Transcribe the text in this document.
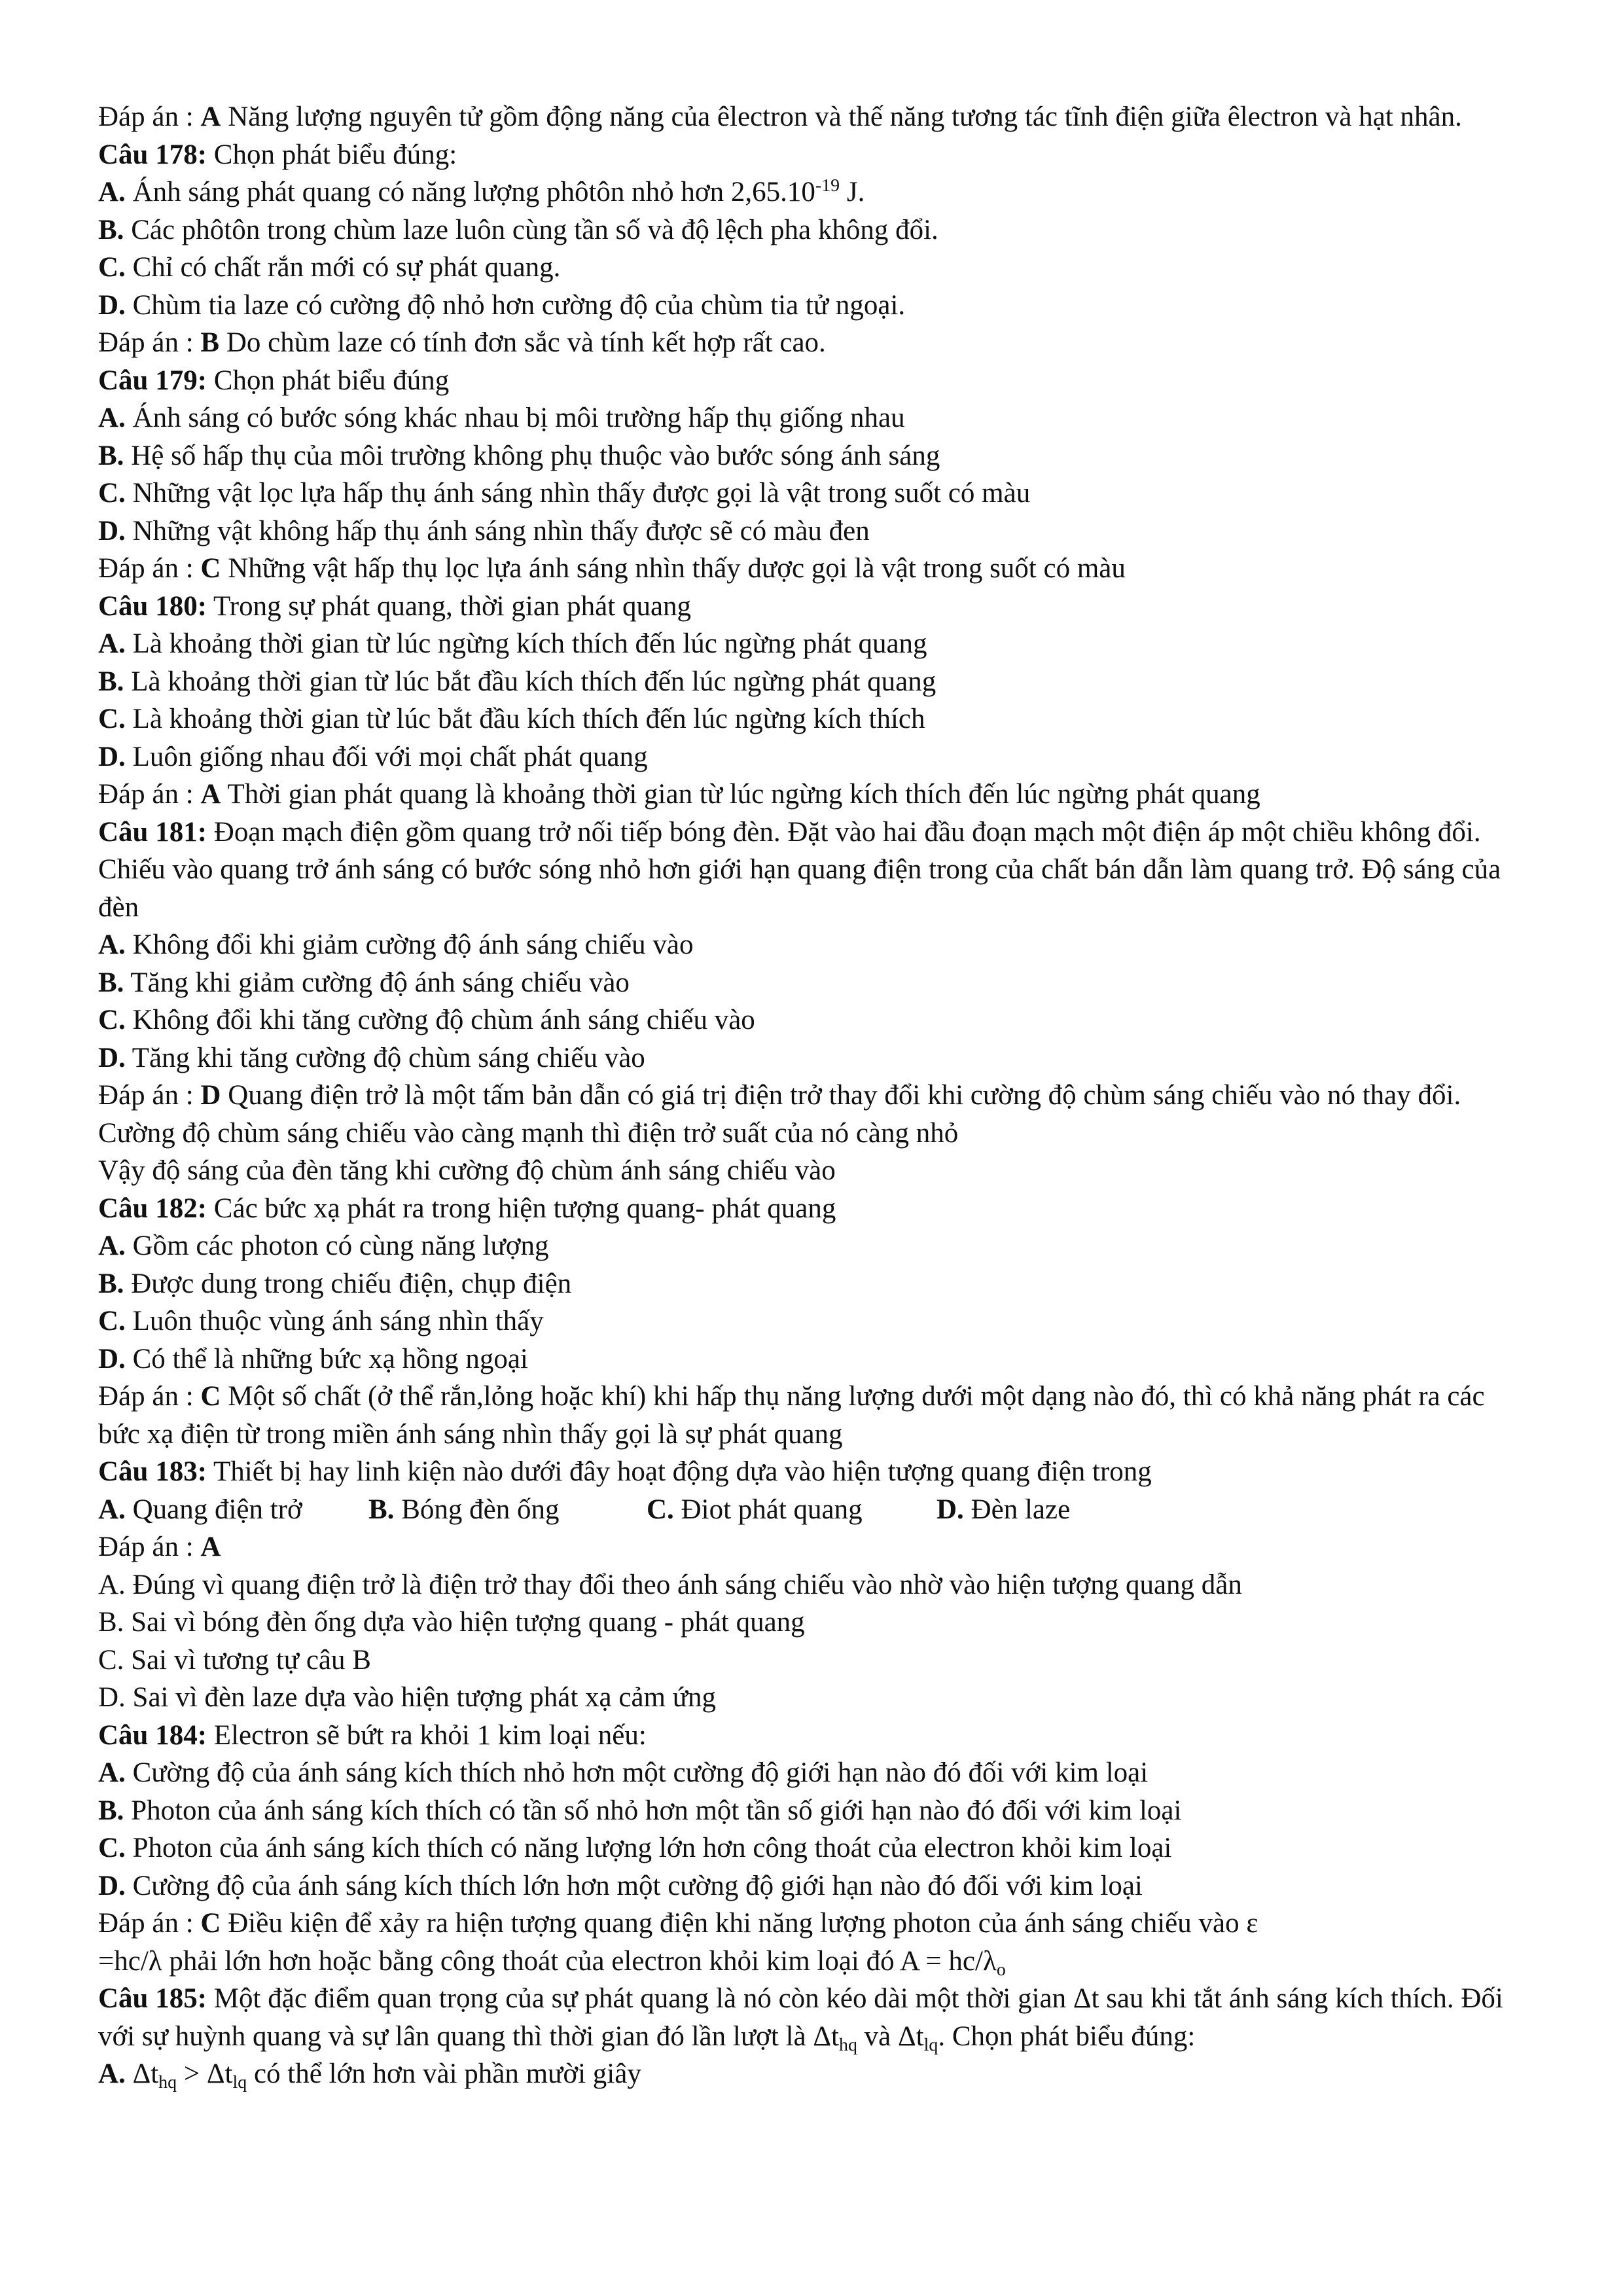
Đáp án : A Năng lượng nguyên tử gồm động năng của êlectron và thế năng tương tác tĩnh điện giữa êlectron và hạt nhân.
Câu 178: Chọn phát biểu đúng:
A. Ánh sáng phát quang có năng lượng phôtôn nhỏ hơn $2,65.10^{-19}$ J.
B. Các phôtôn trong chùm laze luôn cùng tần số và độ lệch pha không đổi.
C. Chỉ có chất rắn mới có sự phát quang.
D. Chùm tia laze có cường độ nhỏ hơn cường độ của chùm tia tử ngoại.
Đáp án : B Do chùm laze có tính đơn sắc và tính kết hợp rất cao.
Câu 179: Chọn phát biểu đúng
A. Ánh sáng có bước sóng khác nhau bị môi trường hấp thụ giống nhau
B. Hệ số hấp thụ của môi trường không phụ thuộc vào bước sóng ánh sáng
C. Những vật lọc lựa hấp thụ ánh sáng nhìn thấy được gọi là vật trong suốt có màu
D. Những vật không hấp thụ ánh sáng nhìn thấy được sẽ có màu đen
Đáp án : C Những vật hấp thụ lọc lựa ánh sáng nhìn thấy dược gọi là vật trong suốt có màu
Câu 180: Trong sự phát quang, thời gian phát quang
A. Là khoảng thời gian từ lúc ngừng kích thích đến lúc ngừng phát quang
B. Là khoảng thời gian từ lúc bắt đầu kích thích đến lúc ngừng phát quang
C. Là khoảng thời gian từ lúc bắt đầu kích thích đến lúc ngừng kích thích
D. Luôn giống nhau đối với mọi chất phát quang
Đáp án : A Thời gian phát quang là khoảng thời gian từ lúc ngừng kích thích đến lúc ngừng phát quang
Câu 181: Đoạn mạch điện gồm quang trở nối tiếp bóng đèn. Đặt vào hai đầu đoạn mạch một điện áp một chiều không đổi. Chiếu vào quang trở ánh sáng có bước sóng nhỏ hơn giới hạn quang điện trong của chất bán dẫn làm quang trở. Độ sáng của đèn
A. Không đổi khi giảm cường độ ánh sáng chiếu vào
B. Tăng khi giảm cường độ ánh sáng chiếu vào
C. Không đổi khi tăng cường độ chùm ánh sáng chiếu vào
D. Tăng khi tăng cường độ chùm sáng chiếu vào
Đáp án : D Quang điện trở là một tấm bản dẫn có giá trị điện trở thay đổi khi cường độ chùm sáng chiếu vào nó thay đổi. Cường độ chùm sáng chiếu vào càng mạnh thì điện trở suất của nó càng nhỏ
Vậy độ sáng của đèn tăng khi cường độ chùm ánh sáng chiếu vào
Câu 182: Các bức xạ phát ra trong hiện tượng quang- phát quang
A. Gồm các photon có cùng năng lượng
B. Được dung trong chiếu điện, chụp điện
C. Luôn thuộc vùng ánh sáng nhìn thấy
D. Có thể là những bức xạ hồng ngoại
Đáp án : C Một số chất (ở thể rắn,lỏng hoặc khí) khi hấp thụ năng lượng dưới một dạng nào đó, thì có khả năng phát ra các bức xạ điện từ trong miền ánh sáng nhìn thấy gọi là sự phát quang
Câu 183: Thiết bị hay linh kiện nào dưới đây hoạt động dựa vào hiện tượng quang điện trong
A. Quang điện trở	B. Bóng đèn ống	C. Điot phát quang	D. Đèn laze
Đáp án : A
A. Đúng vì quang điện trở là điện trở thay đổi theo ánh sáng chiếu vào nhờ vào hiện tượng quang dẫn
B. Sai vì bóng đèn ống dựa vào hiện tượng quang - phát quang
C. Sai vì tương tự câu B
D. Sai vì đèn laze dựa vào hiện tượng phát xạ cảm ứng
Câu 184: Electron sẽ bứt ra khỏi 1 kim loại nếu:
A. Cường độ của ánh sáng kích thích nhỏ hơn một cường độ giới hạn nào đó đối với kim loại
B. Photon của ánh sáng kích thích có tần số nhỏ hơn một tần số giới hạn nào đó đối với kim loại
C. Photon của ánh sáng kích thích có năng lượng lớn hơn công thoát của electron khỏi kim loại
D. Cường độ của ánh sáng kích thích lớn hơn một cường độ giới hạn nào đó đối với kim loại
Đáp án : C Điều kiện để xảy ra hiện tượng quang điện khi năng lượng photon của ánh sáng chiếu vào ε
=hc/λ phải lớn hơn hoặc bằng công thoát của electron khỏi kim loại đó $A = hc/\lambda_o$
Câu 185: Một đặc điểm quan trọng của sự phát quang là nó còn kéo dài một thời gian Δt sau khi tắt ánh sáng kích thích. Đối với sự huỳnh quang và sự lân quang thì thời gian đó lần lượt là $\Delta t_{hq}$ và $\Delta t_{lq}$. Chọn phát biểu đúng:
A. $\Delta t_{hq} > \Delta t_{lq}$ có thể lớn hơn vài phần mười giây
